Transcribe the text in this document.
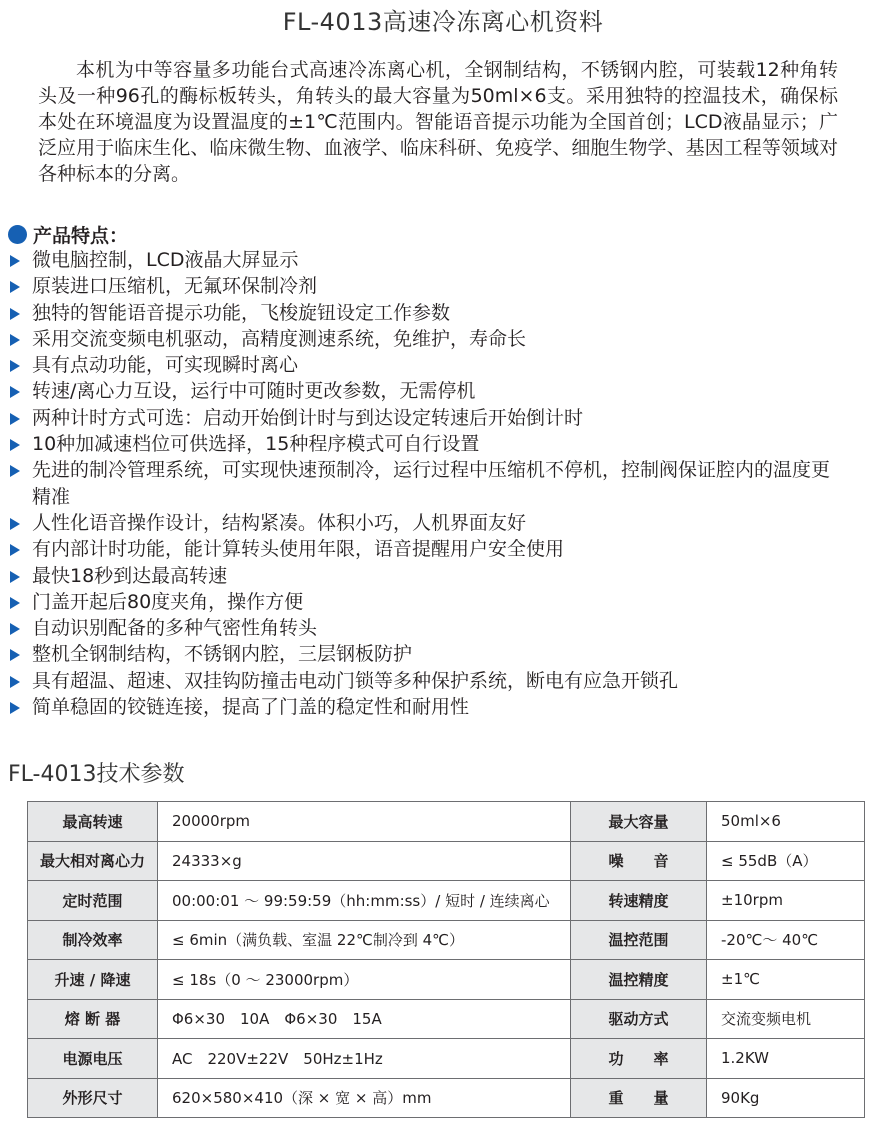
FL-4013高速冷冻离心机资料

本机为中等容量多功能台式高速冷冻离心机，全钢制结构，不锈钢内腔，可装载12种角转头及一种96孔的酶标板转头，角转头的最大容量为50ml×6支。采用独特的控温技术，确保标本处在环境温度为设置温度的±1℃范围内。智能语音提示功能为全国首创；LCD液晶显示；广泛应用于临床生化、临床微生物、血液学、临床科研、免疫学、细胞生物学、基因工程等领域对各种标本的分离。

产品特点：
微电脑控制，LCD液晶大屏显示
原装进口压缩机，无氟环保制冷剂
独特的智能语音提示功能，飞梭旋钮设定工作参数
采用交流变频电机驱动，高精度测速系统，免维护，寿命长
具有点动功能，可实现瞬时离心
转速/离心力互设，运行中可随时更改参数，无需停机
两种计时方式可选：启动开始倒计时与到达设定转速后开始倒计时
10种加减速档位可供选择，15种程序模式可自行设置
先进的制冷管理系统，可实现快速预制冷，运行过程中压缩机不停机，控制阀保证腔内的温度更精准
人性化语音操作设计，结构紧凑。体积小巧，人机界面友好
有内部计时功能，能计算转头使用年限，语音提醒用户安全使用
最快18秒到达最高转速
门盖开起后80度夹角，操作方便
自动识别配备的多种气密性角转头
整机全钢制结构，不锈钢内腔，三层钢板防护
具有超温、超速、双挂钩防撞击电动门锁等多种保护系统，断电有应急开锁孔
简单稳固的铰链连接，提高了门盖的稳定性和耐用性
FL-4013技术参数
最高转速	20000rpm	最大容量	50ml×6
最大相对离心力	24333×g	噪　　音	≤ 55dB（A）
定时范围	00:00:01 ～ 99:59:59（hh:mm:ss）/ 短时 / 连续离心	转速精度	±10rpm
制冷效率	≤ 6min（满负载、室温 22℃制冷到 4℃）	温控范围	-20℃～ 40℃
升速 / 降速	≤ 18s（0 ～ 23000rpm）	温控精度	±1℃
熔 断 器	Φ6×30　10A　Φ6×30　15A	驱动方式	交流变频电机
电源电压	AC　220V±22V　50Hz±1Hz	功　　率	1.2KW
外形尺寸	620×580×410（深 × 宽 × 高）mm	重　　量	90Kg
